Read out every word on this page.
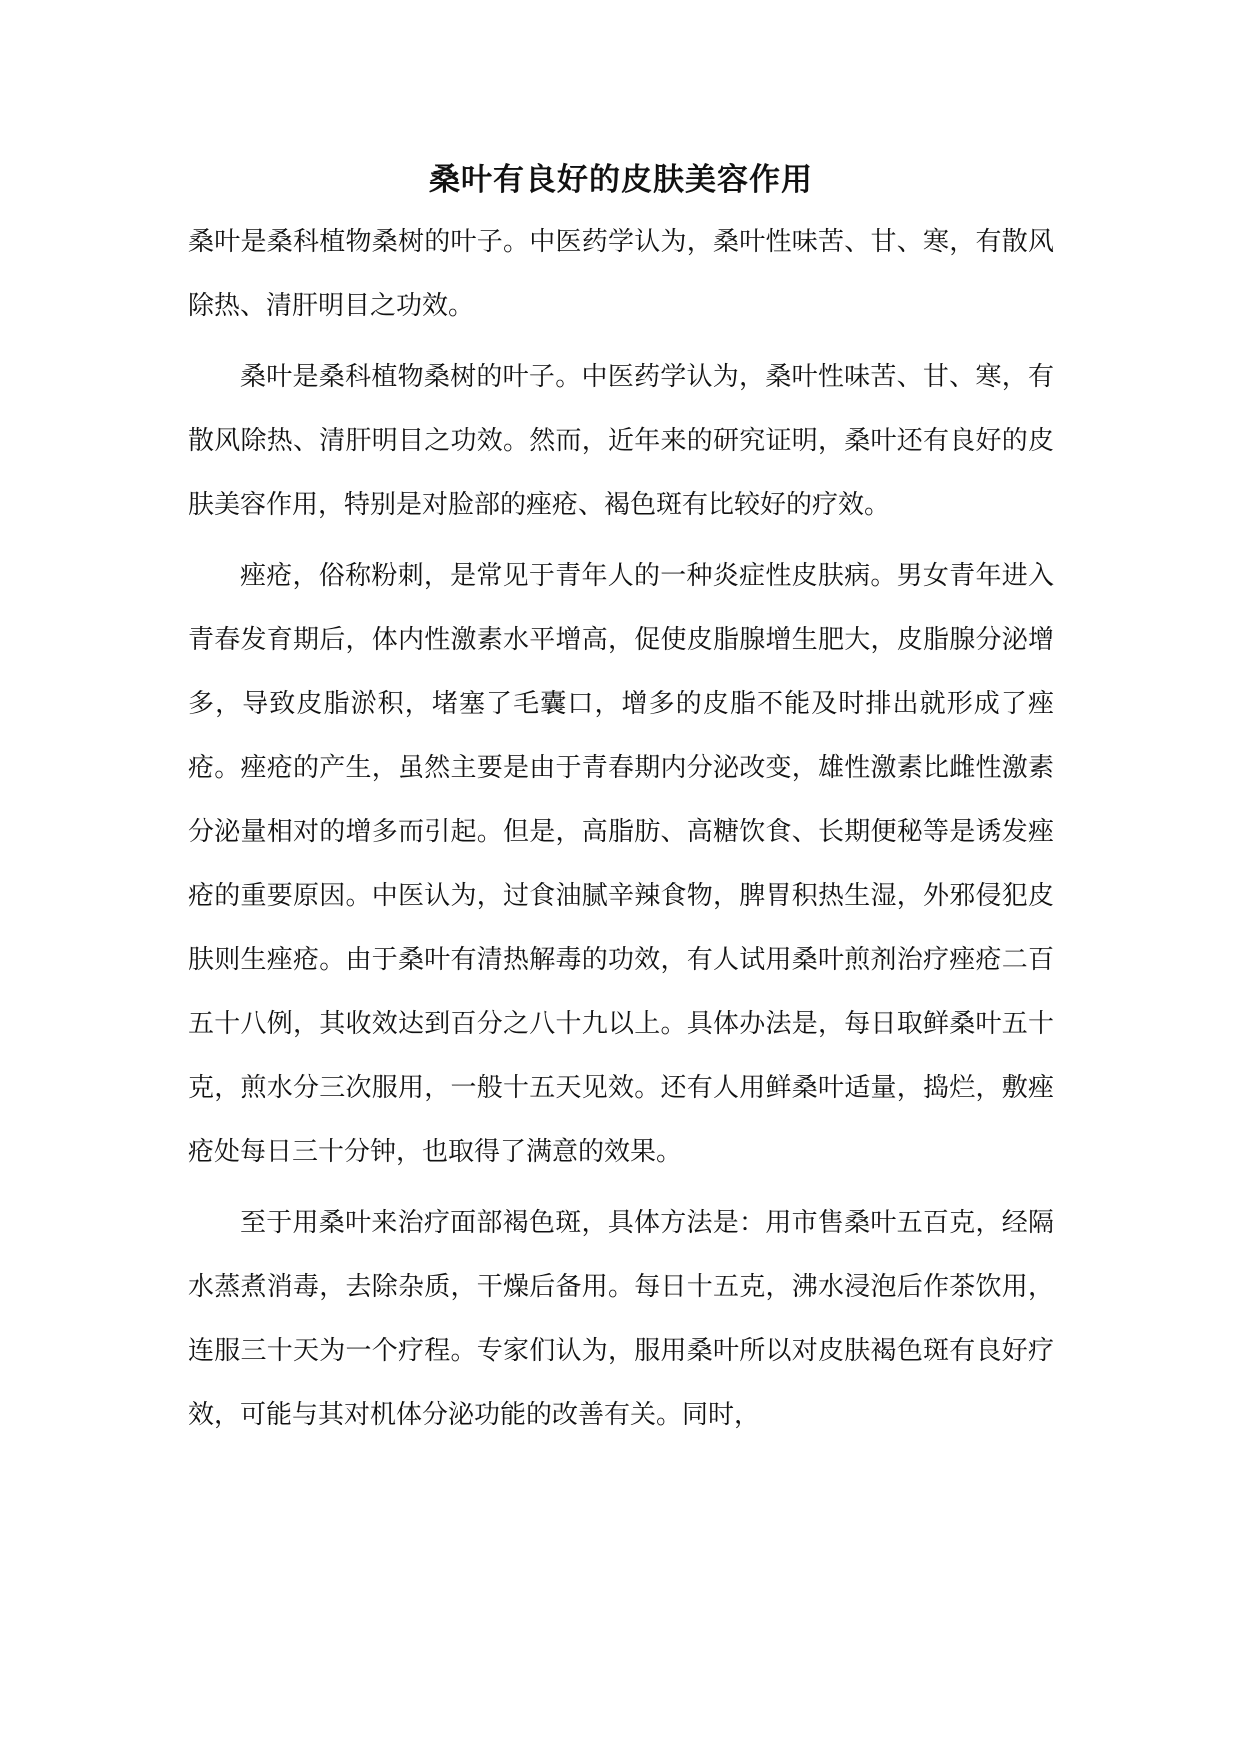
桑叶有良好的皮肤美容作用

桑叶是桑科植物桑树的叶子。中医药学认为，桑叶性味苦、甘、寒，有散风除热、清肝明目之功效。

桑叶是桑科植物桑树的叶子。中医药学认为，桑叶性味苦、甘、寒，有散风除热、清肝明目之功效。然而，近年来的研究证明，桑叶还有良好的皮肤美容作用，特别是对脸部的痤疮、褐色斑有比较好的疗效。

痤疮，俗称粉刺，是常见于青年人的一种炎症性皮肤病。男女青年进入青春发育期后，体内性激素水平增高，促使皮脂腺增生肥大，皮脂腺分泌增多，导致皮脂淤积，堵塞了毛囊口，增多的皮脂不能及时排出就形成了痤疮。痤疮的产生，虽然主要是由于青春期内分泌改变，雄性激素比雌性激素分泌量相对的增多而引起。但是，高脂肪、高糖饮食、长期便秘等是诱发痤疮的重要原因。中医认为，过食油腻辛辣食物，脾胃积热生湿，外邪侵犯皮肤则生痤疮。由于桑叶有清热解毒的功效，有人试用桑叶煎剂治疗痤疮二百五十八例，其收效达到百分之八十九以上。具体办法是，每日取鲜桑叶五十克，煎水分三次服用，一般十五天见效。还有人用鲜桑叶适量，捣烂，敷痤疮处每日三十分钟，也取得了满意的效果。

至于用桑叶来治疗面部褐色斑，具体方法是：用市售桑叶五百克，经隔水蒸煮消毒，去除杂质，干燥后备用。每日十五克，沸水浸泡后作茶饮用，连服三十天为一个疗程。专家们认为，服用桑叶所以对皮肤褐色斑有良好疗效，可能与其对机体分泌功能的改善有关。同时，
